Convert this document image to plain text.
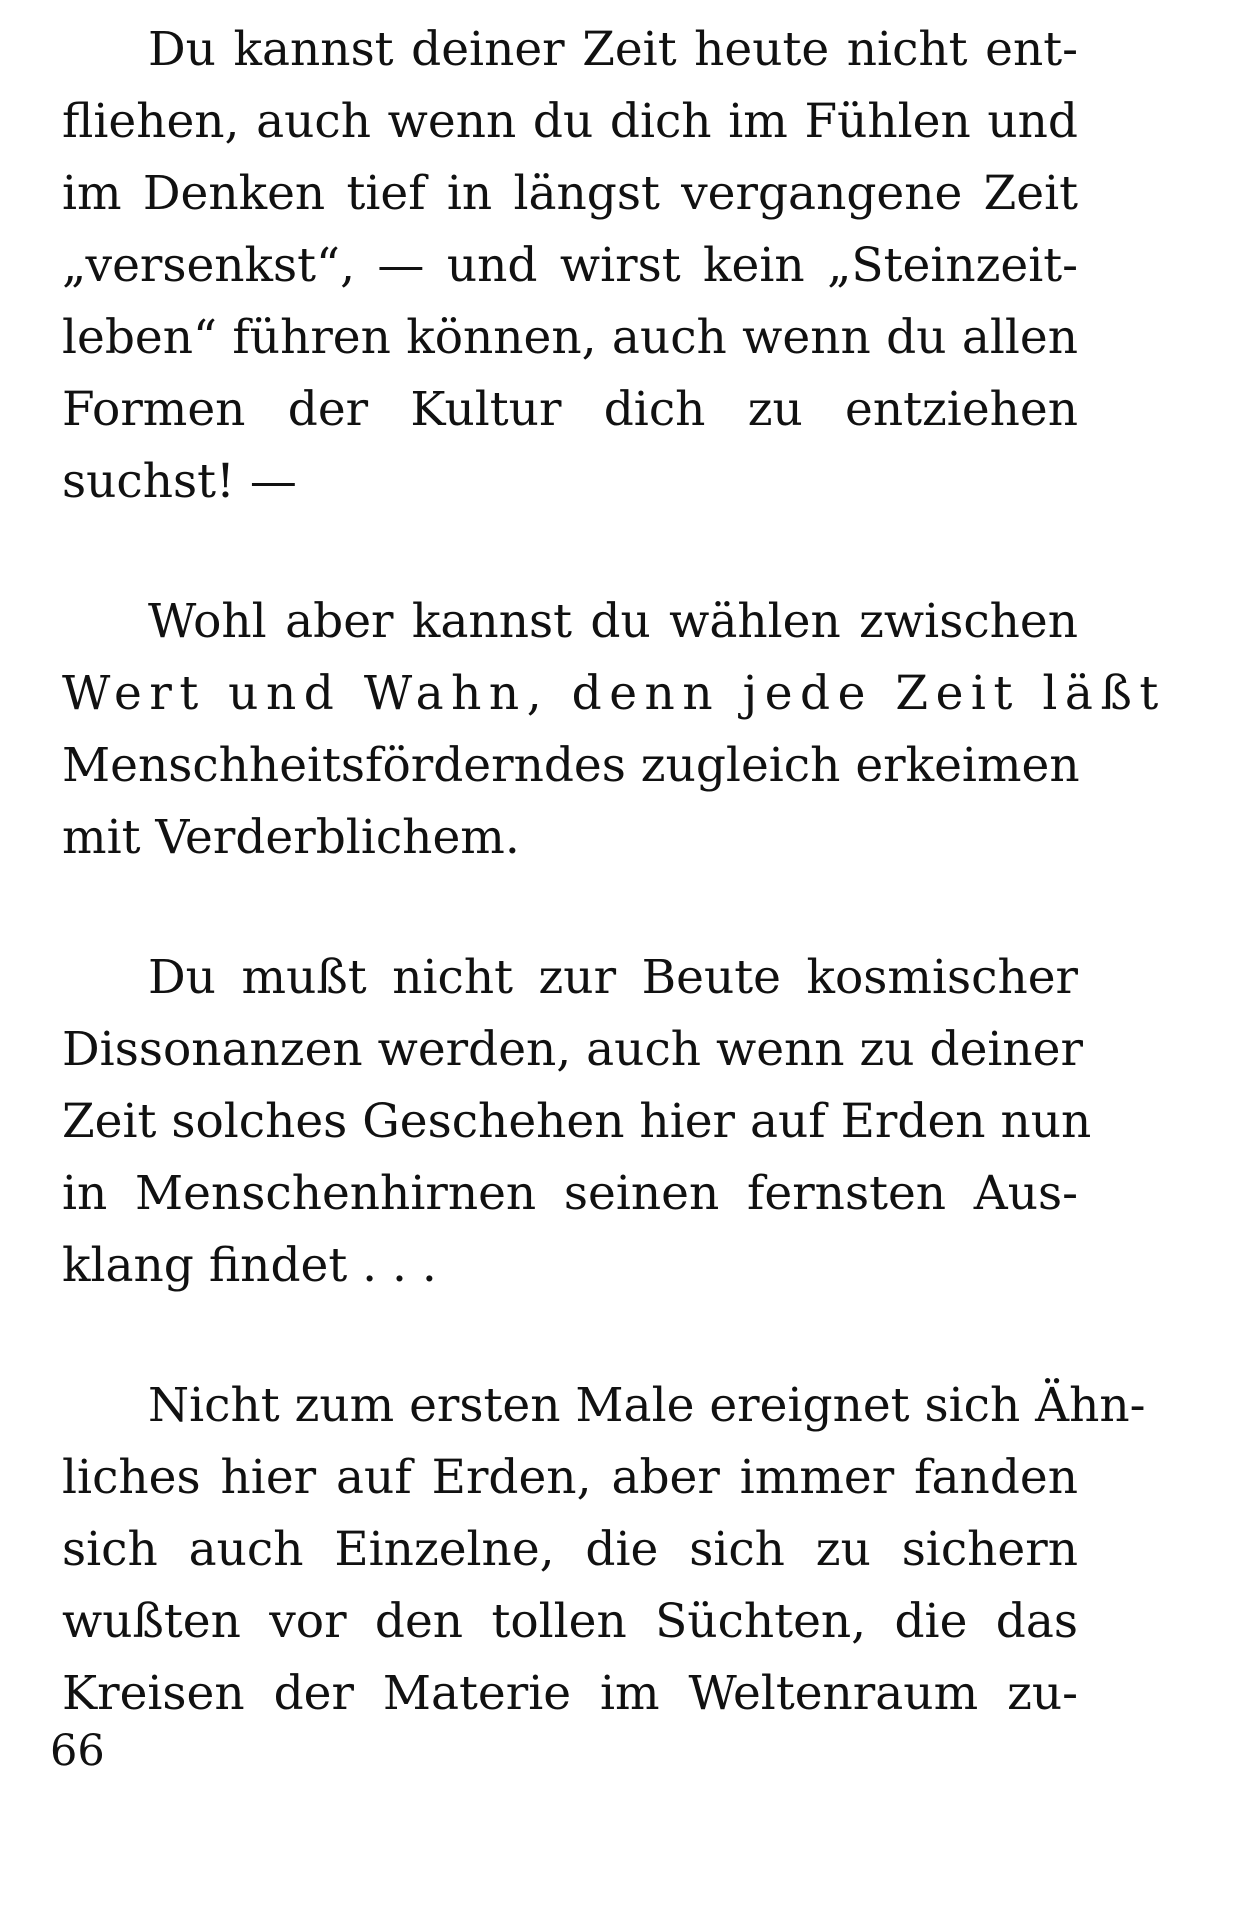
Du kannst deiner Zeit heute nicht ent-
fliehen, auch wenn du dich im Fühlen und
im Denken tief in längst vergangene Zeit
„versenkst“, — und wirst kein „Steinzeit-
leben“ führen können, auch wenn du allen
Formen der Kultur dich zu entziehen
suchst! —

Wohl aber kannst du wählen zwischen
Wert und Wahn, denn jede Zeit läßt
Menschheitsförderndes zugleich erkeimen
mit Verderblichem.

Du mußt nicht zur Beute kosmischer
Dissonanzen werden, auch wenn zu deiner
Zeit solches Geschehen hier auf Erden nun
in Menschenhirnen seinen fernsten Aus-
klang findet . . .

Nicht zum ersten Male ereignet sich Ähn-
liches hier auf Erden, aber immer fanden
sich auch Einzelne, die sich zu sichern
wußten vor den tollen Süchten, die das
Kreisen der Materie im Weltenraum zu-

66
